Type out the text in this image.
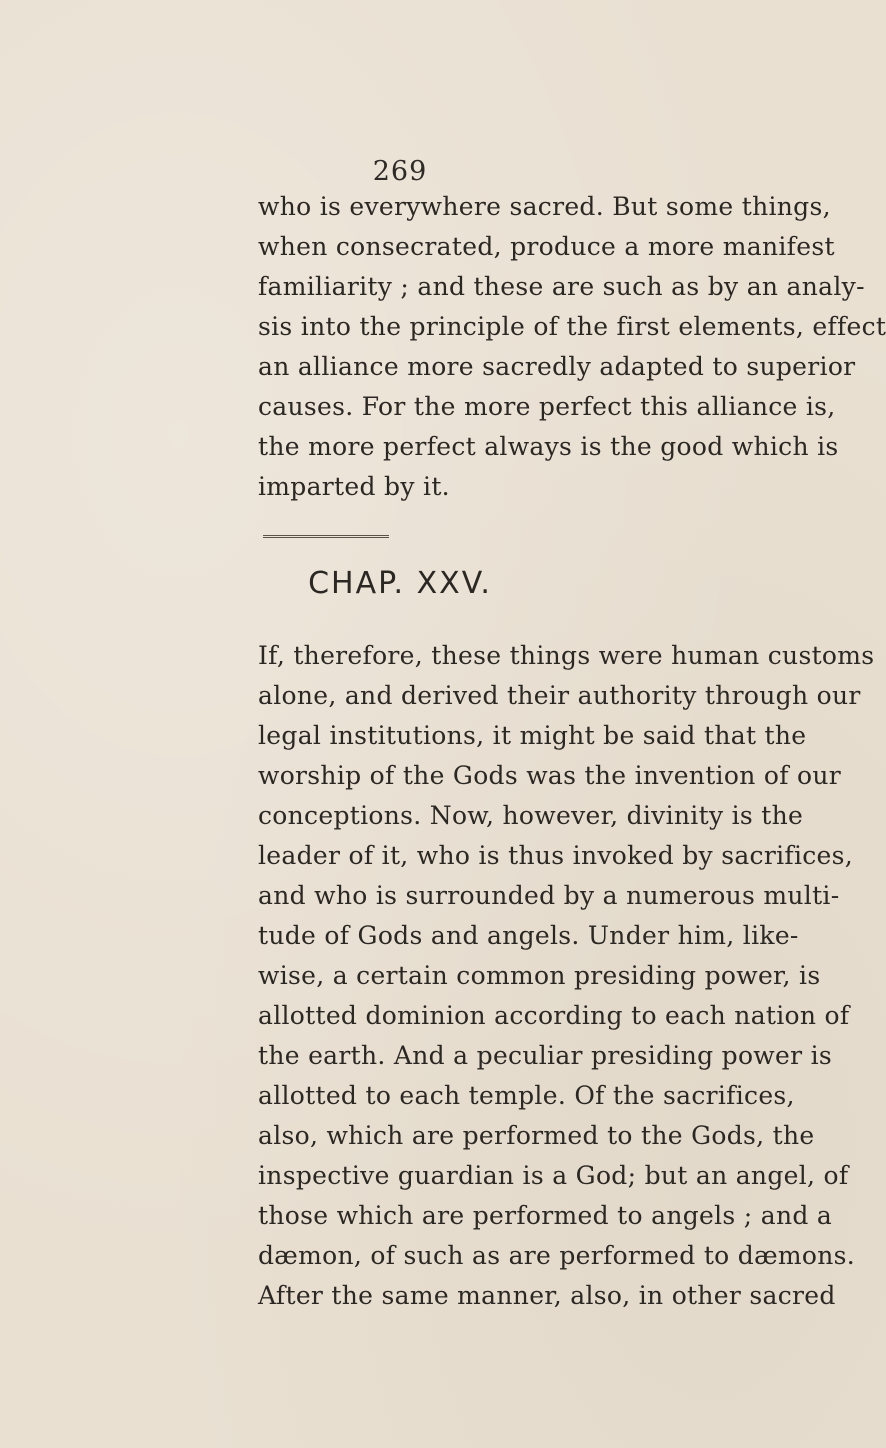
269
who is everywhere sacred. But some things,
when consecrated, produce a more manifest
familiarity ; and these are such as by an analy-
sis into the principle of the first elements, effect
an alliance more sacredly adapted to superior
causes. For the more perfect this alliance is,
the more perfect always is the good which is
imparted by it.
CHAP. XXV.
If, therefore, these things were human customs
alone, and derived their authority through our
legal institutions, it might be said that the
worship of the Gods was the invention of our
conceptions. Now, however, divinity is the
leader of it, who is thus invoked by sacrifices,
and who is surrounded by a numerous multi-
tude of Gods and angels. Under him, like-
wise, a certain common presiding power, is
allotted dominion according to each nation of
the earth. And a peculiar presiding power is
allotted to each temple. Of the sacrifices,
also, which are performed to the Gods, the
inspective guardian is a God; but an angel, of
those which are performed to angels ; and a
dæmon, of such as are performed to dæmons.
After the same manner, also, in other sacred
